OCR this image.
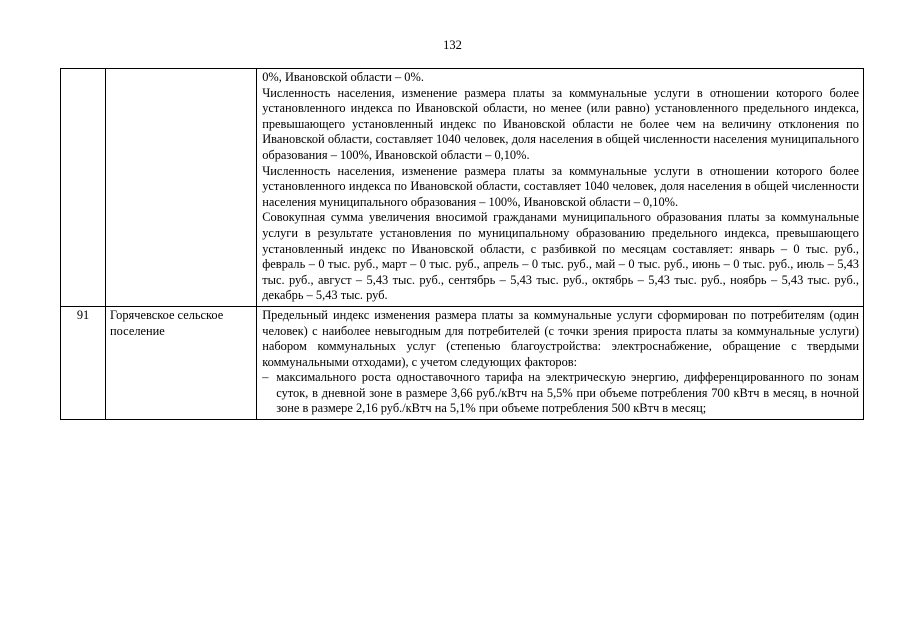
132

		0%, Ивановской области – 0%.

Численность населения, изменение размера платы за коммунальные услуги в отношении которого более установленного индекса по Ивановской области, но менее (или равно) установленного предельного индекса, превышающего установленный индекс по Ивановской области не более чем на величину отклонения по Ивановской области, составляет 1040 человек, доля населения в общей численности населения муниципального образования – 100%, Ивановской области – 0,10%.

Численность населения, изменение размера платы за коммунальные услуги в отношении которого более установленного индекса по Ивановской области, составляет 1040 человек, доля населения в общей численности населения муниципального образования – 100%, Ивановской области – 0,10%.

Совокупная сумма увеличения вносимой гражданами муниципального образования платы за коммунальные услуги в результате установления по муниципальному образованию предельного индекса, превышающего установленный индекс по Ивановской области, с разбивкой по месяцам составляет: январь – 0 тыс. руб., февраль – 0 тыс. руб., март – 0 тыс. руб., апрель – 0 тыс. руб., май – 0 тыс. руб., июнь – 0 тыс. руб., июль – 5,43 тыс. руб., август – 5,43 тыс. руб., сентябрь – 5,43 тыс. руб., октябрь – 5,43 тыс. руб., ноябрь – 5,43 тыс. руб., декабрь – 5,43 тыс. руб.

91	Горячевское сельское поселение	Предельный индекс изменения размера платы за коммунальные услуги сформирован по потребителям (один человек) с наиболее невыгодным для потребителей (с точки зрения прироста платы за коммунальные услуги) набором коммунальных услуг (степенью благоустройства: электроснабжение, обращение с твердыми коммунальными отходами), с учетом следующих факторов:

– максимального роста одноставочного тарифа на электрическую энергию, дифференцированного по зонам суток, в дневной зоне в размере 3,66 руб./кВтч на 5,5% при объеме потребления 700 кВтч в месяц, в ночной зоне в размере 2,16 руб./кВтч на 5,1% при объеме потребления 500 кВтч в месяц;
